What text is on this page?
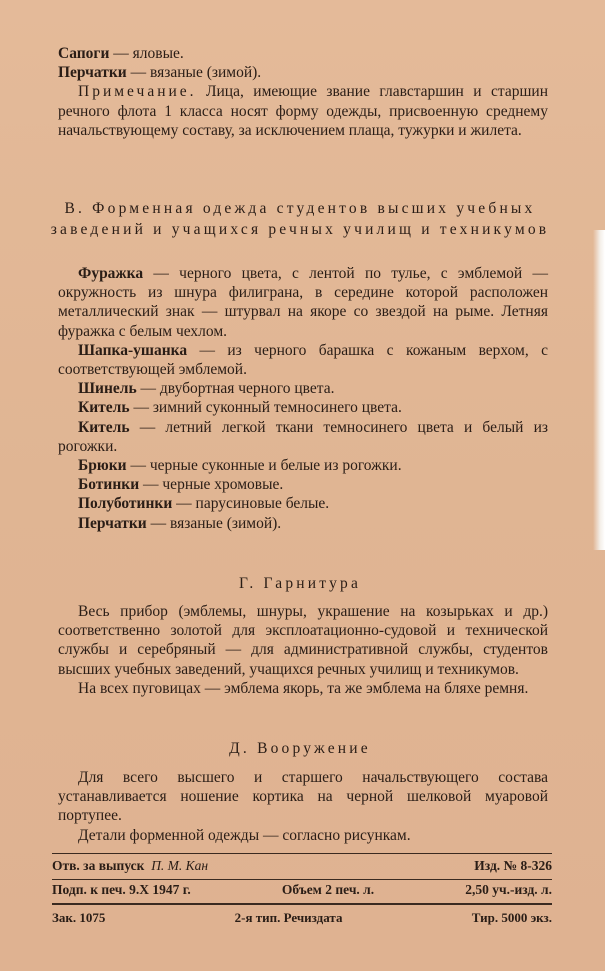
Сапоги — яловые.

Перчатки — вязаные (зимой).

Примечание. Лица, имеющие звание главстаршин и старшин речного флота 1 класса носят форму одежды, присвоенную среднему начальствующему составу, за исключением плаща, тужурки и жилета.

В. Форменная одежда студентов высших учебных заведений и учащихся речных училищ и техникумов

Фуражка — черного цвета, с лентой по тулье, с эмблемой — окружность из шнура филиграна, в середине которой расположен металлический знак — штурвал на якоре со звездой на рыме. Летняя фуражка с белым чехлом.

Шапка-ушанка — из черного барашка с кожаным верхом, с соответствующей эмблемой.

Шинель — двубортная черного цвета.

Китель — зимний суконный темносинего цвета.

Китель — летний легкой ткани темносинего цвета и белый из рогожки.

Брюки — черные суконные и белые из рогожки.

Ботинки — черные хромовые.

Полуботинки — парусиновые белые.

Перчатки — вязаные (зимой).

Г. Гарнитура

Весь прибор (эмблемы, шнуры, украшение на козырьках и др.) соответственно золотой для эксплоатационно-судовой и технической службы и серебряный — для административной службы, студентов высших учебных заведений, учащихся речных училищ и техникумов.

На всех пуговицах — эмблема якорь, та же эмблема на бляхе ремня.

Д. Вооружение

Для всего высшего и старшего начальствующего состава устанавливается ношение кортика на черной шелковой муаровой портупее.

Детали форменной одежды — согласно рисункам.

Отв. за выпуск П. М. Кан	Изд. № 8-326
Подп. к печ. 9.X 1947 г.	Объем 2 печ. л.	2,50 уч.-изд. л.
Зак. 1075	2-я тип. Речиздата	Тир. 5000 экз.
